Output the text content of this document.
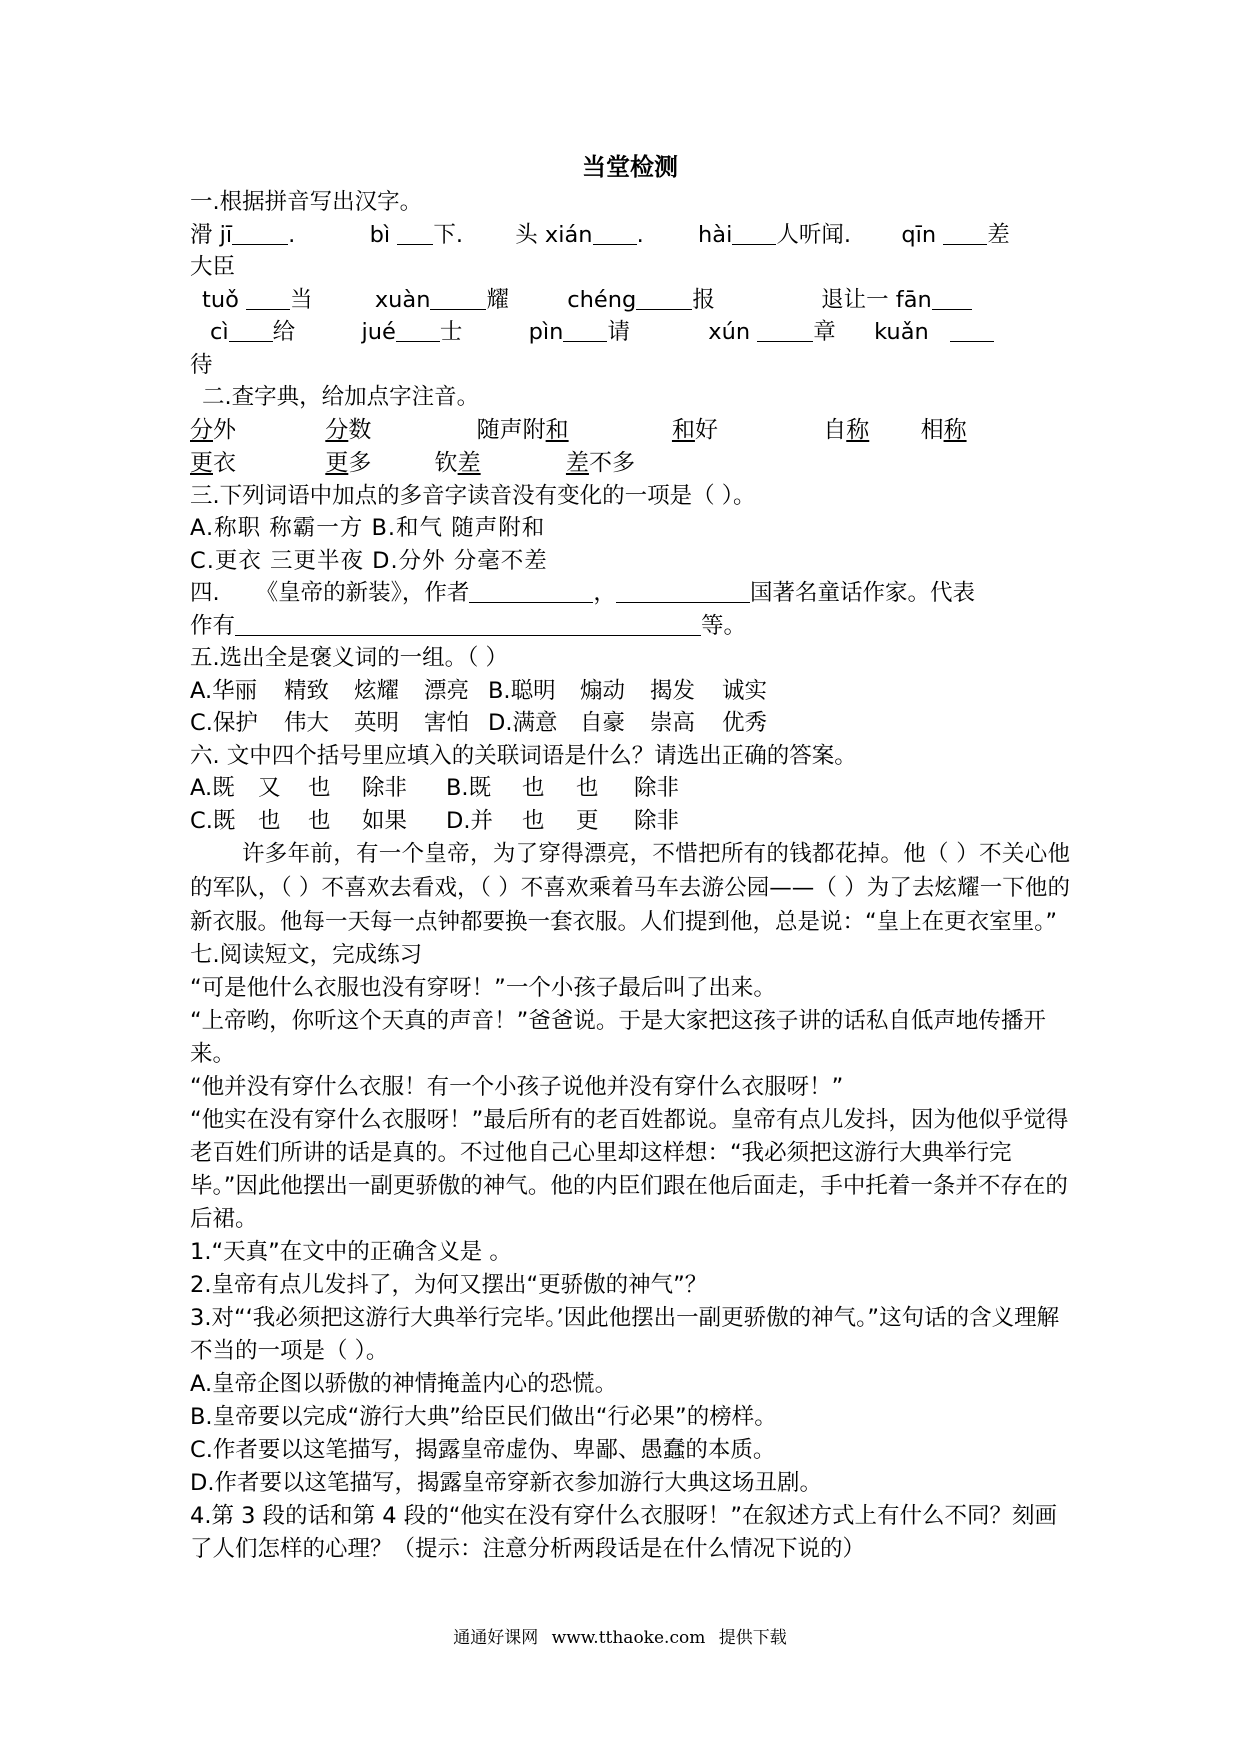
当堂检测
一.根据拼音写出汉字。
滑 jī .	bì 下. 头 xián . hài 人听闻. qīn 差
大臣
tuǒ 当	xuàn 耀	chéng 报	退让一 fān
cì 给	jué 士	pìn 请	xún 章 kuǎn
待
二.查字典，给加点字注音。
分外	分数	随声附和	和好	自称 相称
更衣	更多	钦差	差不多
三.下列词语中加点的多音字读音没有变化的一项是（ ）。
A.称职 称霸一方 B.和气 随声附和
C.更衣 三更半夜 D.分外 分毫不差
四. 《皇帝的新装》，作者	，	国著名童话作家。代表
作有	等。
五.选出全是褒义词的一组。（ ）
A.华丽 精致 炫耀 漂亮 B.聪明 煽动 揭发 诚实
C.保护 伟大 英明 害怕 D.满意 自豪 崇高 优秀
六. 文中四个括号里应填入的关联词语是什么？请选出正确的答案。
A.既 又 也 除非 B.既 也 也 除非
C.既 也 也 如果 D.并 也 更 除非
许多年前，有一个皇帝，为了穿得漂亮，不惜把所有的钱都花掉。他（ ）不关心他的军队，（ ）不喜欢去看戏，（ ）不喜欢乘着马车去游公园——（ ）为了去炫耀一下他的新衣服。他每一天每一点钟都要换一套衣服。人们提到他，总是说：“皇上在更衣室里。”
七.阅读短文，完成练习
“可是他什么衣服也没有穿呀！”一个小孩子最后叫了出来。
“上帝哟，你听这个天真的声音！”爸爸说。于是大家把这孩子讲的话私自低声地传播开来。
“他并没有穿什么衣服！有一个小孩子说他并没有穿什么衣服呀！”
“他实在没有穿什么衣服呀！”最后所有的老百姓都说。皇帝有点儿发抖，因为他似乎觉得老百姓们所讲的话是真的。不过他自己心里却这样想：“我必须把这游行大典举行完毕。”因此他摆出一副更骄傲的神气。他的内臣们跟在他后面走，手中托着一条并不存在的后裙。
1.“天真”在文中的正确含义是 。
2.皇帝有点儿发抖了，为何又摆出“更骄傲的神气”？
3.对“‘我必须把这游行大典举行完毕。’因此他摆出一副更骄傲的神气。”这句话的含义理解不当的一项是（ ）。
A.皇帝企图以骄傲的神情掩盖内心的恐慌。
B.皇帝要以完成“游行大典”给臣民们做出“行必果”的榜样。
C.作者要以这笔描写，揭露皇帝虚伪、卑鄙、愚蠢的本质。
D.作者要以这笔描写，揭露皇帝穿新衣参加游行大典这场丑剧。
4.第 3 段的话和第 4 段的“他实在没有穿什么衣服呀！”在叙述方式上有什么不同？刻画了人们怎样的心理？（提示：注意分析两段话是在什么情况下说的）
通通好课网 www.tthaoke.com 提供下载
